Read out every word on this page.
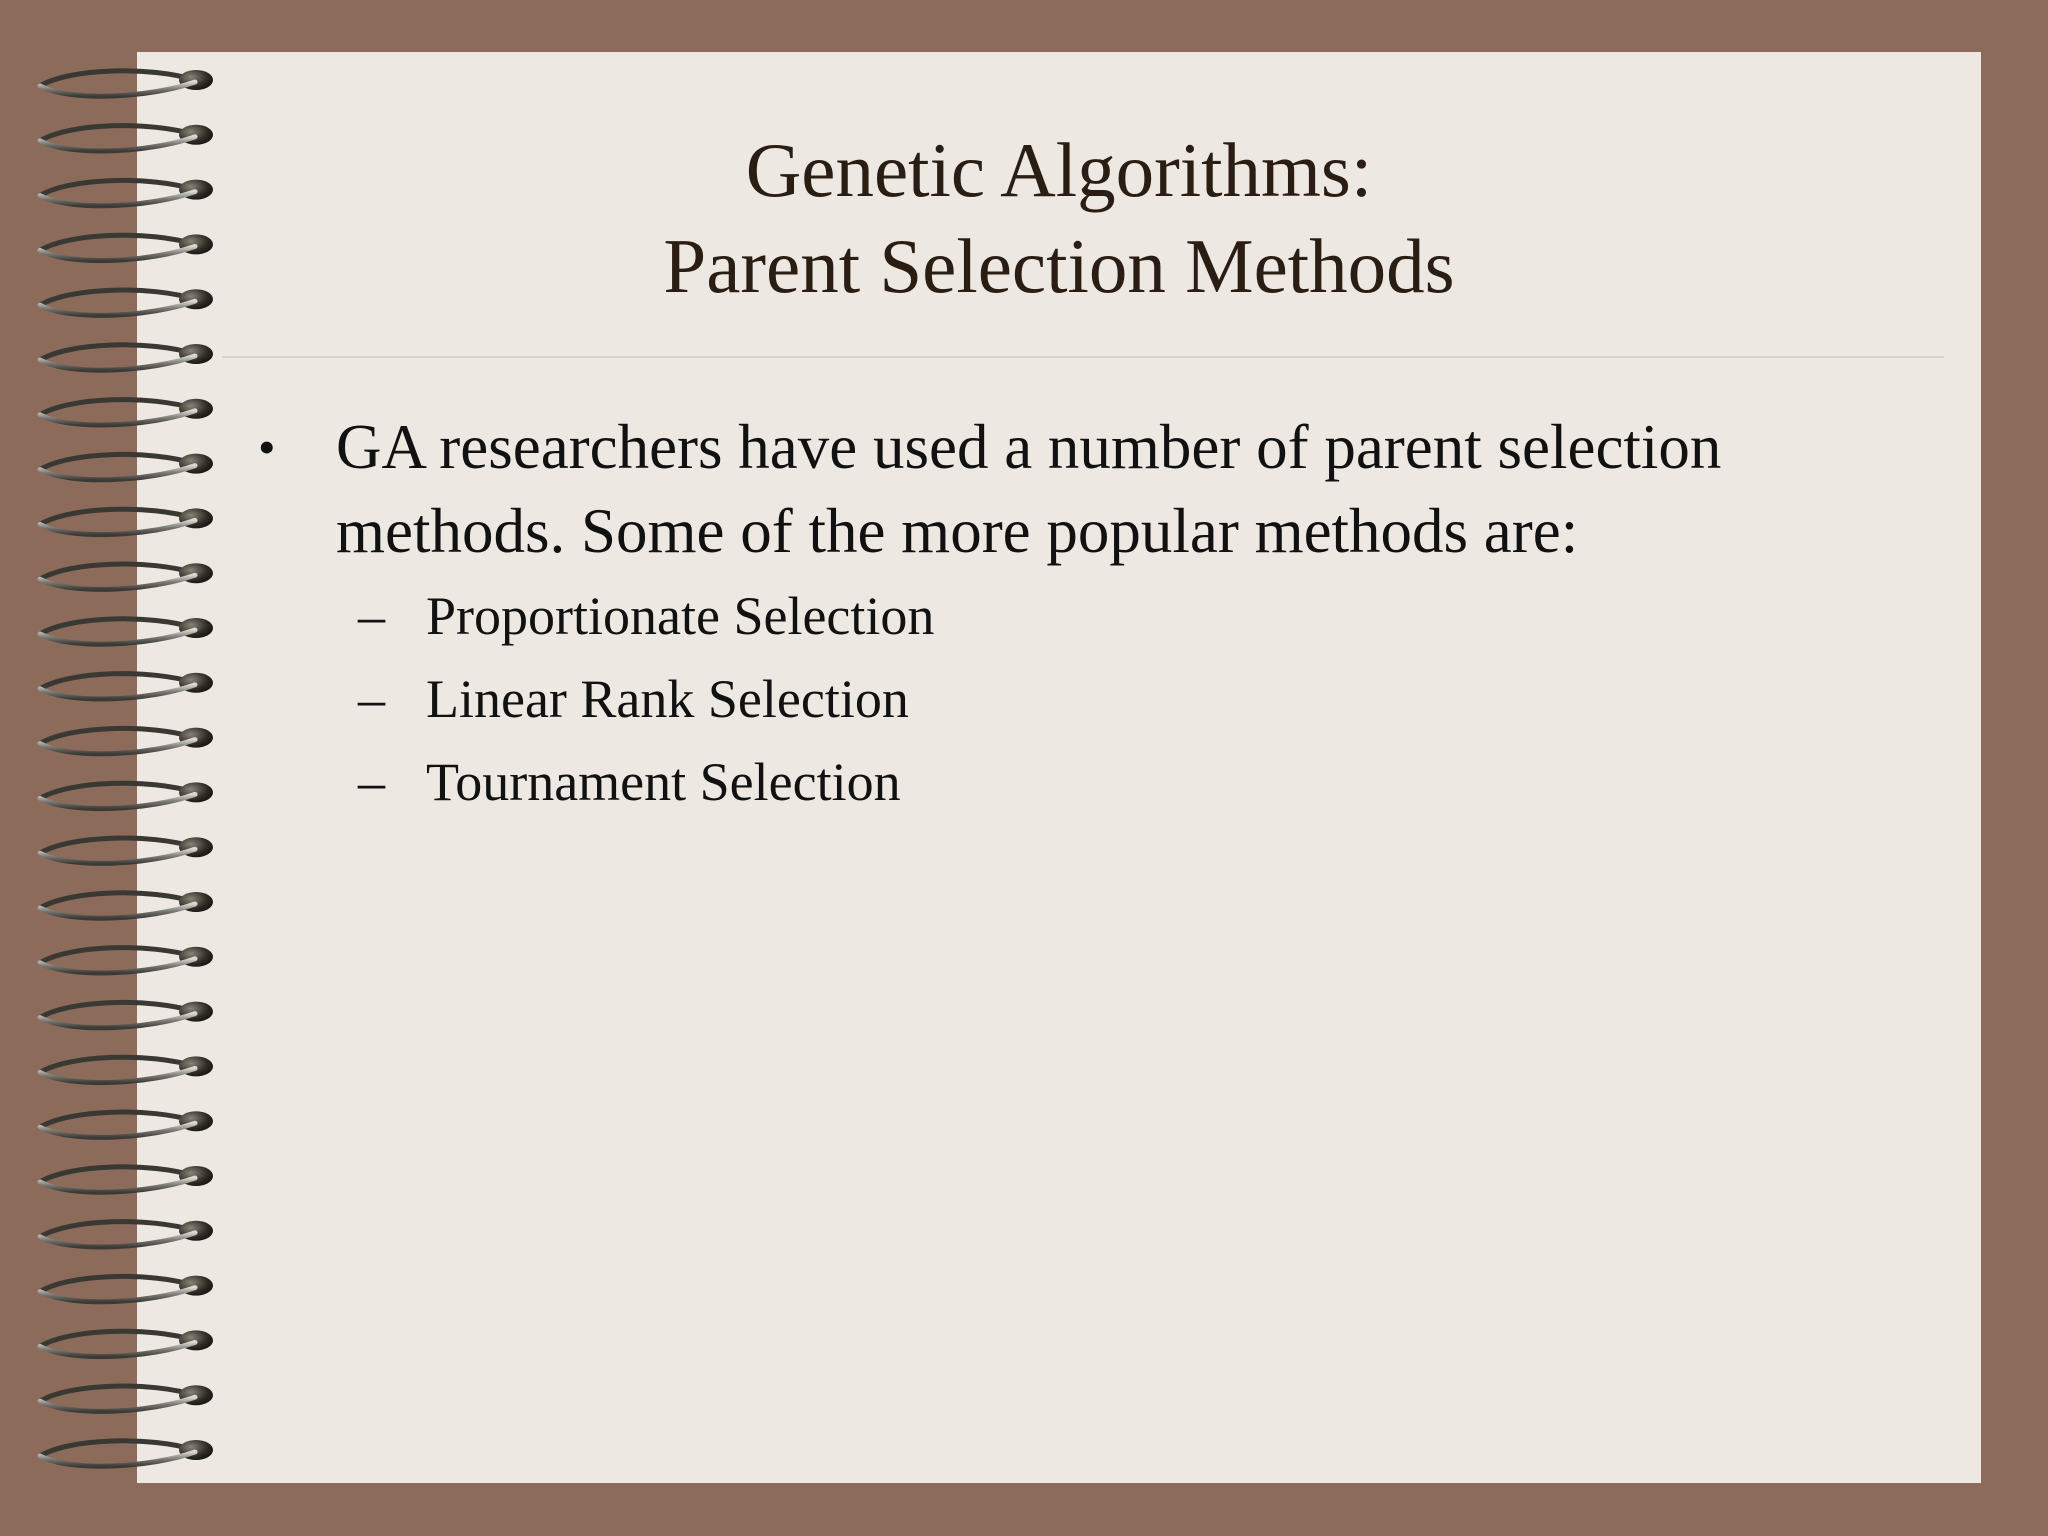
Genetic Algorithms:
Parent Selection Methods
• GA researchers have used a number of parent selection methods. Some of the more popular methods are:
– Proportionate Selection
– Linear Rank Selection
– Tournament Selection
